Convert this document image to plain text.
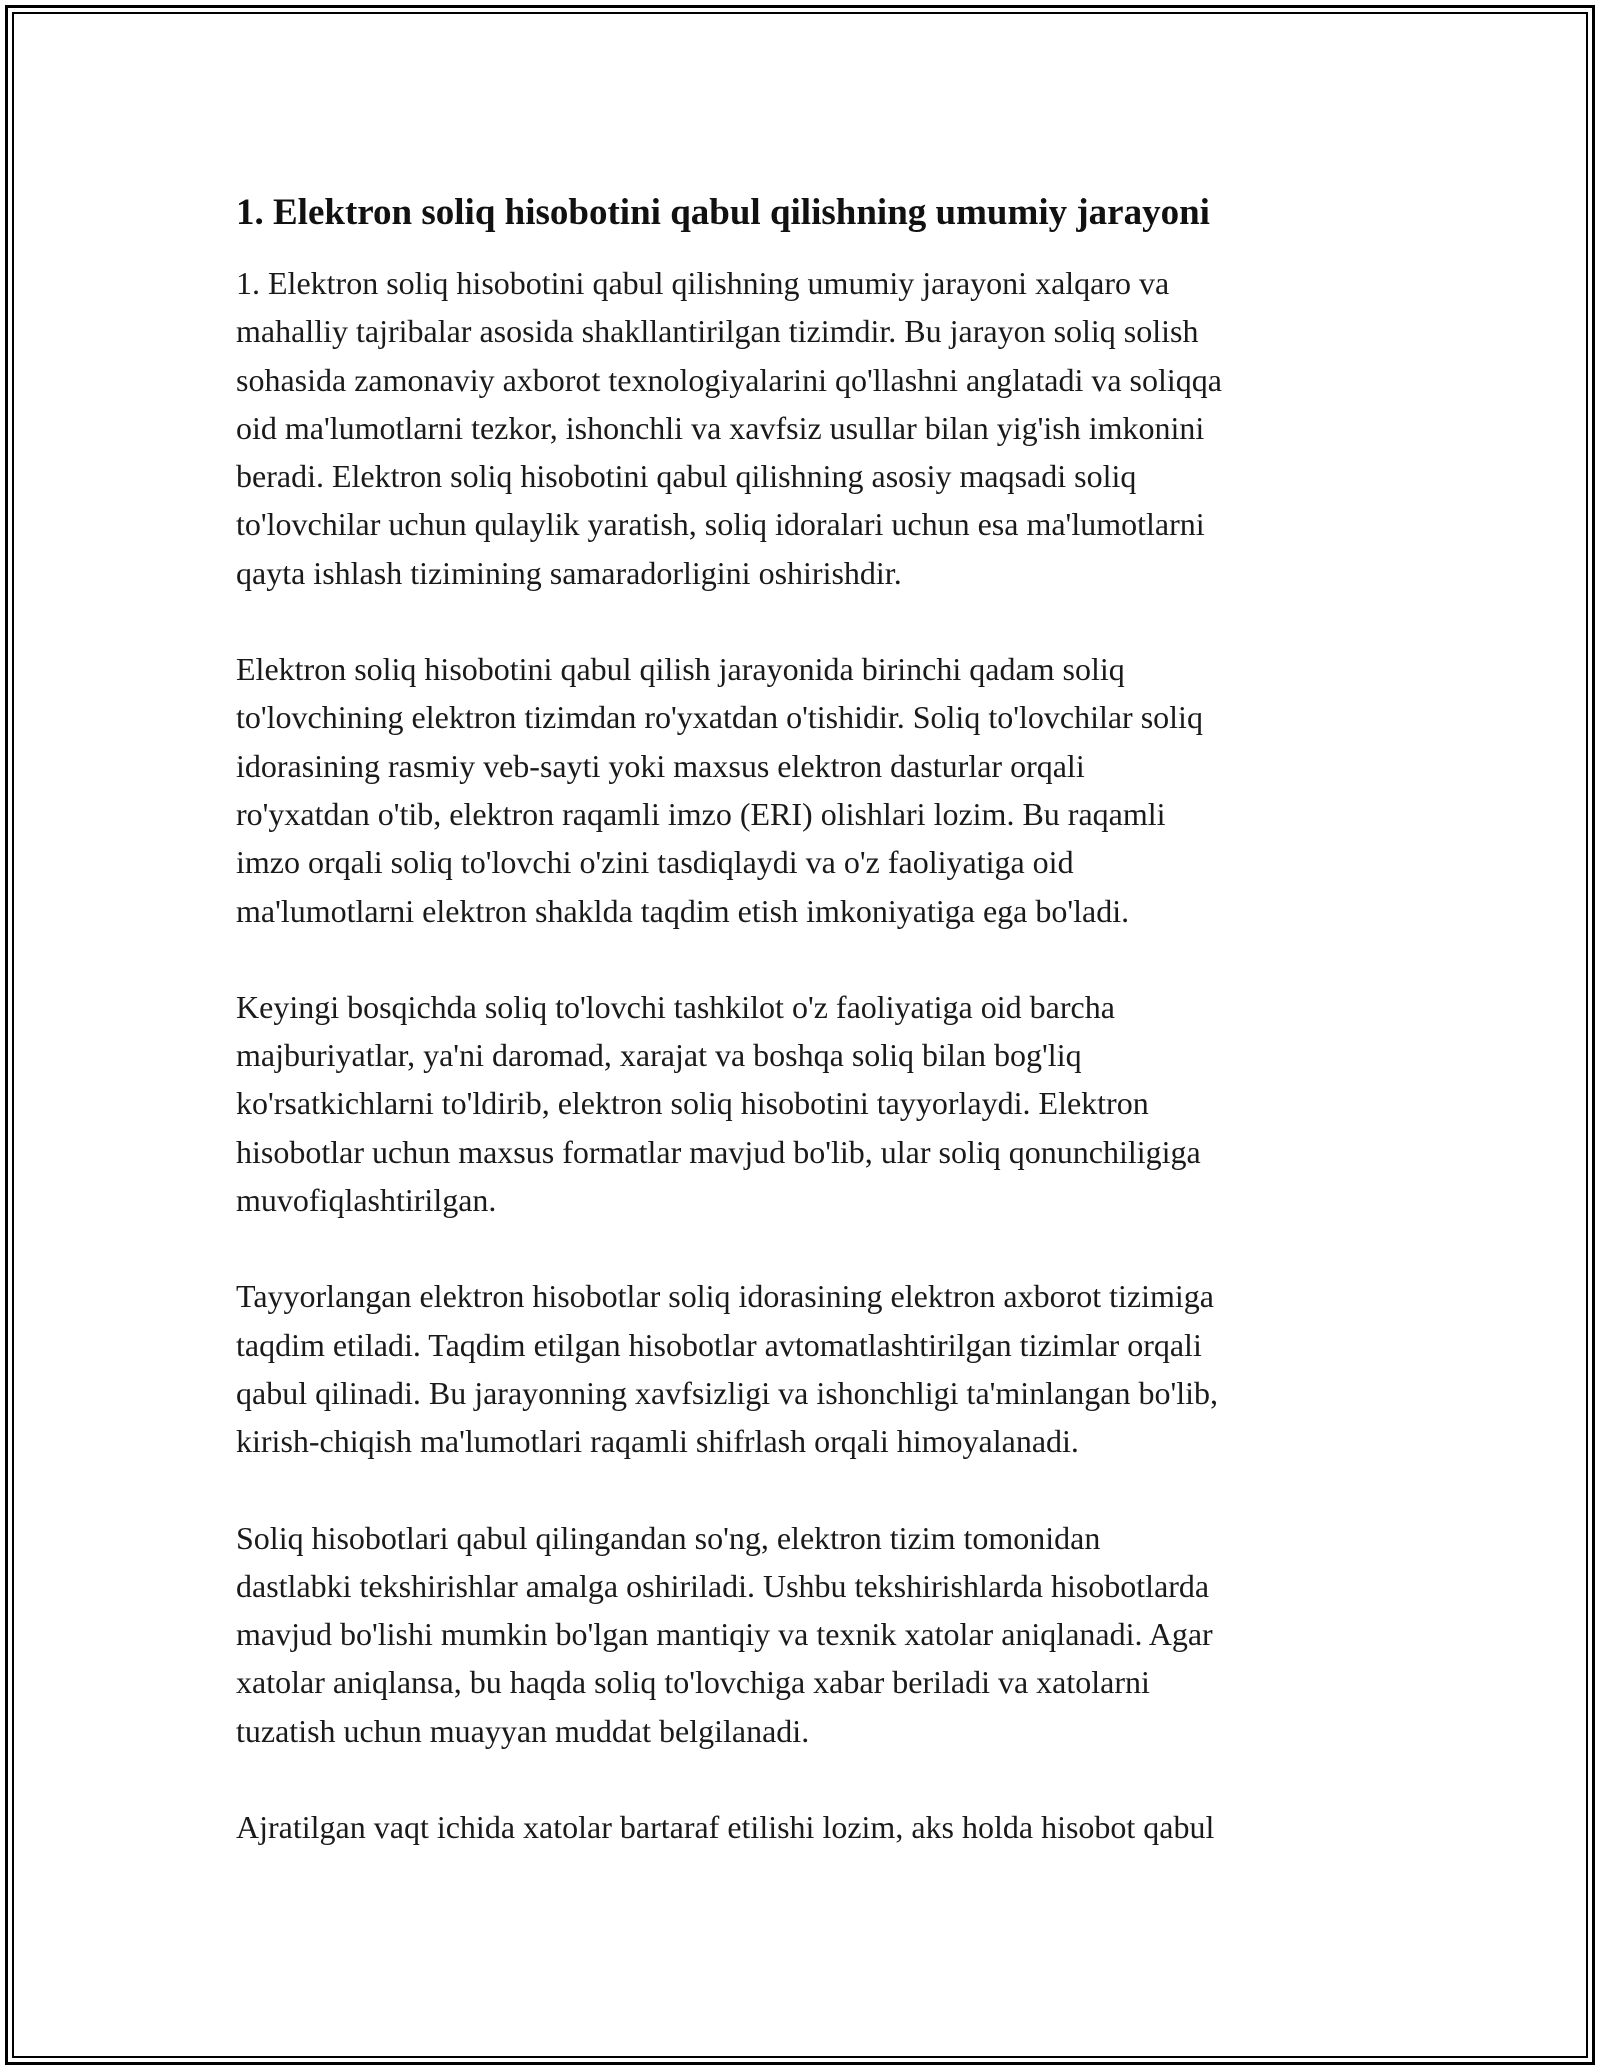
1. Elektron soliq hisobotini qabul qilishning umumiy jarayoni

1. Elektron soliq hisobotini qabul qilishning umumiy jarayoni xalqaro va
mahalliy tajribalar asosida shakllantirilgan tizimdir. Bu jarayon soliq solish
sohasida zamonaviy axborot texnologiyalarini qo'llashni anglatadi va soliqqa
oid ma'lumotlarni tezkor, ishonchli va xavfsiz usullar bilan yig'ish imkonini
beradi. Elektron soliq hisobotini qabul qilishning asosiy maqsadi soliq
to'lovchilar uchun qulaylik yaratish, soliq idoralari uchun esa ma'lumotlarni
qayta ishlash tizimining samaradorligini oshirishdir.

Elektron soliq hisobotini qabul qilish jarayonida birinchi qadam soliq
to'lovchining elektron tizimdan ro'yxatdan o'tishidir. Soliq to'lovchilar soliq
idorasining rasmiy veb-sayti yoki maxsus elektron dasturlar orqali
ro'yxatdan o'tib, elektron raqamli imzo (ERI) olishlari lozim. Bu raqamli
imzo orqali soliq to'lovchi o'zini tasdiqlaydi va o'z faoliyatiga oid
ma'lumotlarni elektron shaklda taqdim etish imkoniyatiga ega bo'ladi.

Keyingi bosqichda soliq to'lovchi tashkilot o'z faoliyatiga oid barcha
majburiyatlar, ya'ni daromad, xarajat va boshqa soliq bilan bog'liq
ko'rsatkichlarni to'ldirib, elektron soliq hisobotini tayyorlaydi. Elektron
hisobotlar uchun maxsus formatlar mavjud bo'lib, ular soliq qonunchiligiga
muvofiqlashtirilgan.

Tayyorlangan elektron hisobotlar soliq idorasining elektron axborot tizimiga
taqdim etiladi. Taqdim etilgan hisobotlar avtomatlashtirilgan tizimlar orqali
qabul qilinadi. Bu jarayonning xavfsizligi va ishonchligi ta'minlangan bo'lib,
kirish-chiqish ma'lumotlari raqamli shifrlash orqali himoyalanadi.

Soliq hisobotlari qabul qilingandan so'ng, elektron tizim tomonidan
dastlabki tekshirishlar amalga oshiriladi. Ushbu tekshirishlarda hisobotlarda
mavjud bo'lishi mumkin bo'lgan mantiqiy va texnik xatolar aniqlanadi. Agar
xatolar aniqlansa, bu haqda soliq to'lovchiga xabar beriladi va xatolarni
tuzatish uchun muayyan muddat belgilanadi.

Ajratilgan vaqt ichida xatolar bartaraf etilishi lozim, aks holda hisobot qabul
